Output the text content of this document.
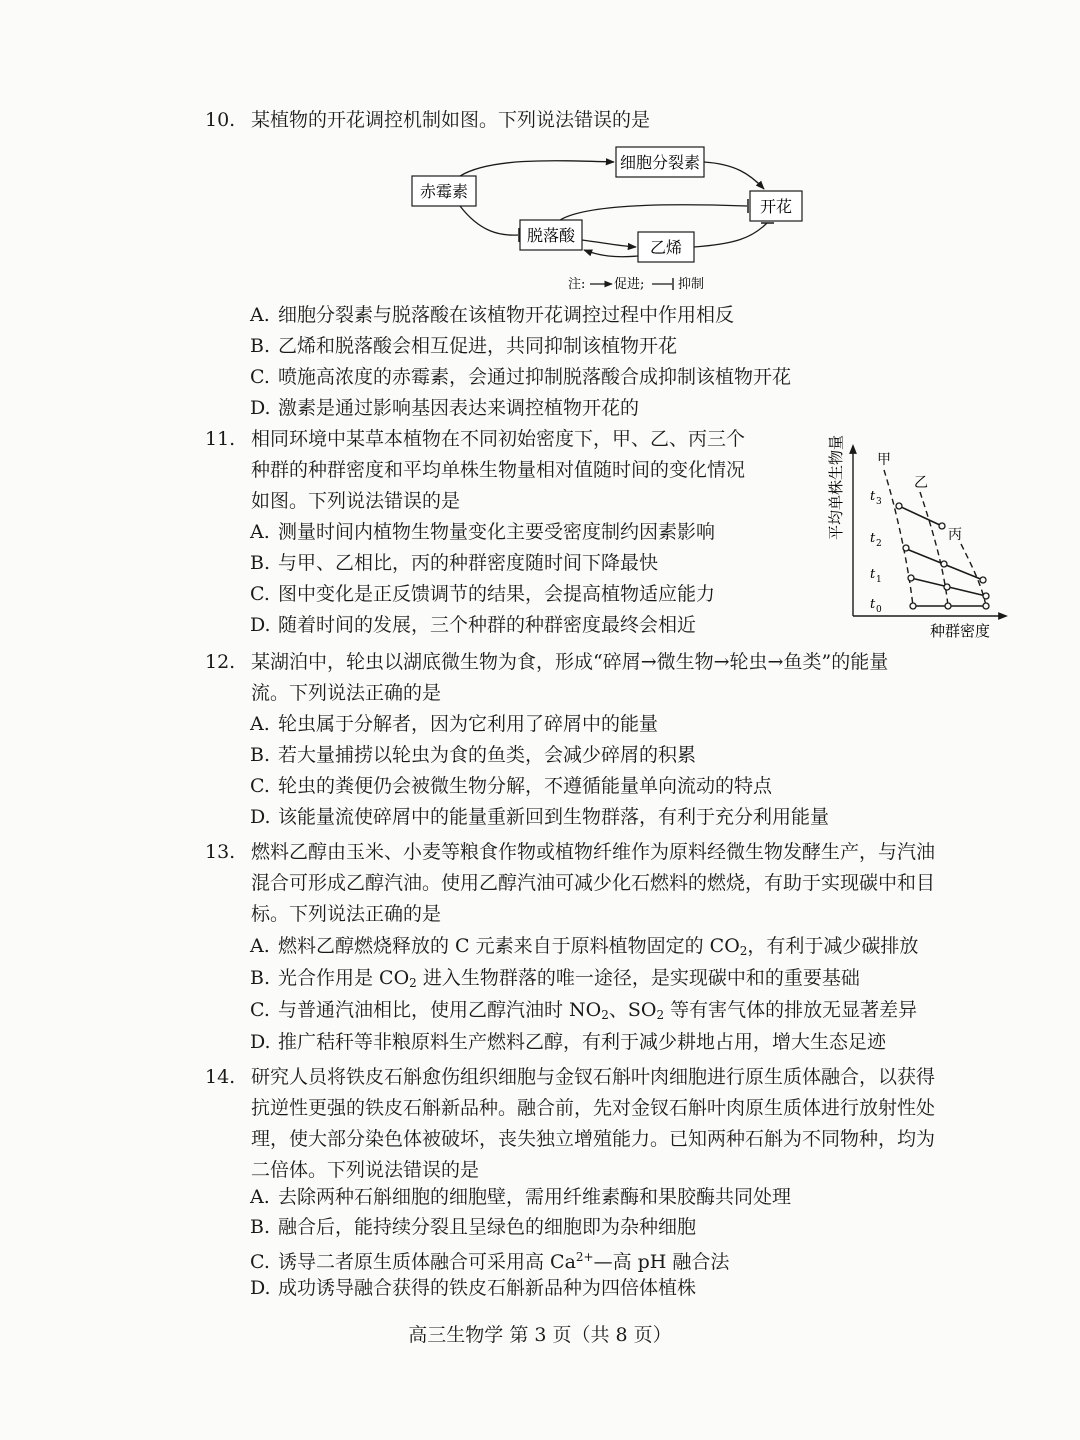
10. 某植物的开花调控机制如图。下列说法错误的是
赤霉素
细胞分裂素
脱落酸
乙烯
开花
注: 促进;	抑制
A. 细胞分裂素与脱落酸在该植物开花调控过程中作用相反
B. 乙烯和脱落酸会相互促进，共同抑制该植物开花
C. 喷施高浓度的赤霉素，会通过抑制脱落酸合成抑制该植物开花
D. 激素是通过影响基因表达来调控植物开花的
11. 相同环境中某草本植物在不同初始密度下，甲、乙、丙三个
种群的种群密度和平均单株生物量相对值随时间的变化情况
如图。下列说法错误的是
A. 测量时间内植物生物量变化主要受密度制约因素影响
B. 与甲、乙相比，丙的种群密度随时间下降最快
C. 图中变化是正反馈调节的结果，会提高植物适应能力
D. 随着时间的发展，三个种群的种群密度最终会相近
平均单株生物量
种群密度
t 3
t 2
t 1
t 0
甲
乙
丙
12. 某湖泊中，轮虫以湖底微生物为食，形成“碎屑→微生物→轮虫→鱼类”的能量
流。下列说法正确的是
A. 轮虫属于分解者，因为它利用了碎屑中的能量
B. 若大量捕捞以轮虫为食的鱼类，会减少碎屑的积累
C. 轮虫的粪便仍会被微生物分解，不遵循能量单向流动的特点
D. 该能量流使碎屑中的能量重新回到生物群落，有利于充分利用能量
13. 燃料乙醇由玉米、小麦等粮食作物或植物纤维作为原料经微生物发酵生产，与汽油
混合可形成乙醇汽油。使用乙醇汽油可减少化石燃料的燃烧，有助于实现碳中和目
标。下列说法正确的是
A. 燃料乙醇燃烧释放的 C 元素来自于原料植物固定的 $CO_2$，有利于减少碳排放
B. 光合作用是 $CO_2$ 进入生物群落的唯一途径，是实现碳中和的重要基础
C. 与普通汽油相比，使用乙醇汽油时 $NO_2$、$SO_2$ 等有害气体的排放无显著差异
D. 推广秸秆等非粮原料生产燃料乙醇，有利于减少耕地占用，增大生态足迹
14. 研究人员将铁皮石斛愈伤组织细胞与金钗石斛叶肉细胞进行原生质体融合，以获得
抗逆性更强的铁皮石斛新品种。融合前，先对金钗石斛叶肉原生质体进行放射性处
理，使大部分染色体被破坏，丧失独立增殖能力。已知两种石斛为不同物种，均为
二倍体。下列说法错误的是
A. 去除两种石斛细胞的细胞壁，需用纤维素酶和果胶酶共同处理
B. 融合后，能持续分裂且呈绿色的细胞即为杂种细胞
C. 诱导二者原生质体融合可采用高 $Ca^{2+}—$高 pH 融合法
D. 成功诱导融合获得的铁皮石斛新品种为四倍体植株
高三生物学 第 3 页（共 8 页）
